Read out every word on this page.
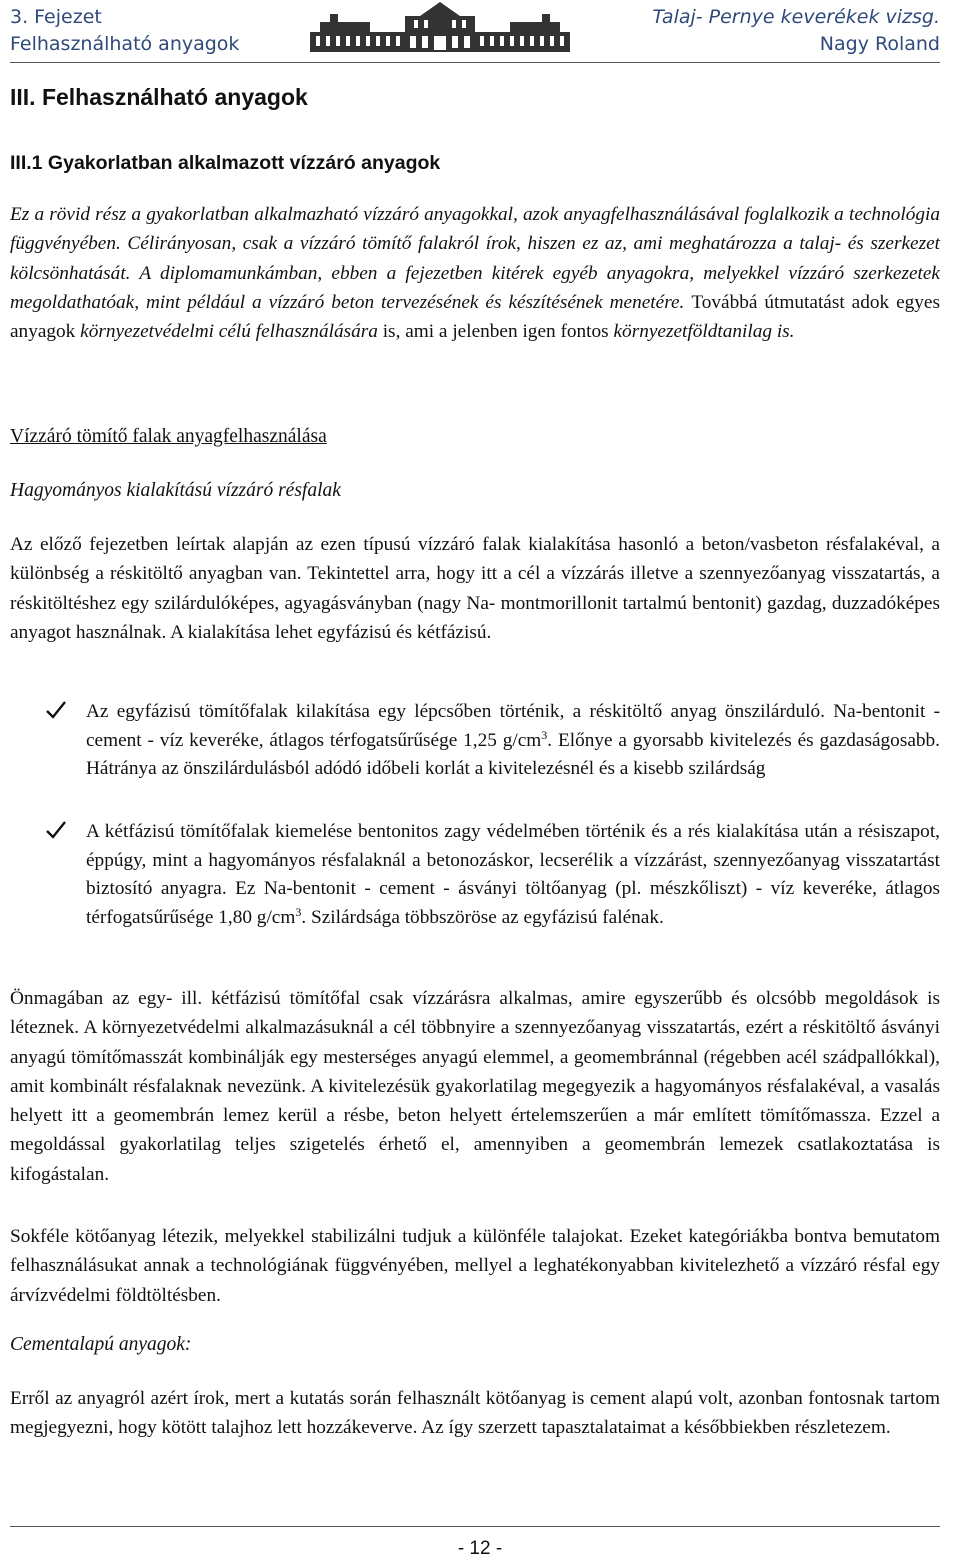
3. Fejezet
Felhasználható anyagok
Talaj- Pernye keverékek vizsg.
Nagy Roland
III. Felhasználható anyagok
III.1 Gyakorlatban alkalmazott vízzáró anyagok
Ez a rövid rész a gyakorlatban alkalmazható vízzáró anyagokkal, azok anyagfelhasználásával foglalkozik a technológia függvényében. Célirányosan, csak a vízzáró tömítő falakról írok, hiszen ez az, ami meghatározza a talaj- és szerkezet kölcsönhatását. A diplomamunkámban, ebben a fejezetben kitérek egyéb anyagokra, melyekkel vízzáró szerkezetek megoldathatóak, mint például a vízzáró beton tervezésének és készítésének menetére. Továbbá útmutatást adok egyes anyagok környezetvédelmi célú felhasználására is, ami a jelenben igen fontos környezetföldtanilag is.
Vízzáró tömítő falak anyagfelhasználása
Hagyományos kialakítású vízzáró résfalak
Az előző fejezetben leírtak alapján az ezen típusú vízzáró falak kialakítása hasonló a beton/vasbeton résfalakéval, a különbség a réskitöltő anyagban van. Tekintettel arra, hogy itt a cél a vízzárás illetve a szennyezőanyag visszatartás, a réskitöltéshez egy szilárdulóképes, agyagásványban (nagy Na- montmorillonit tartalmú bentonit) gazdag, duzzadóképes anyagot használnak. A kialakítása lehet egyfázisú és kétfázisú.
Az egyfázisú tömítőfalak kilakítása egy lépcsőben történik, a réskitöltő anyag önszilárduló. Na-bentonit - cement - víz keveréke, átlagos térfogatsűrűsége 1,25 $g/cm^3$. Előnye a gyorsabb kivitelezés és gazdaságosabb. Hátránya az önszilárdulásból adódó időbeli korlát a kivitelezésnél és a kisebb szilárdság
A kétfázisú tömítőfalak kiemelése bentonitos zagy védelmében történik és a rés kialakítása után a résiszapot, éppúgy, mint a hagyományos résfalaknál a betonozáskor, lecserélik a vízzárást, szennyezőanyag visszatartást biztosító anyagra. Ez Na-bentonit - cement - ásványi töltőanyag (pl. mészkőliszt) - víz keveréke, átlagos térfogatsűrűsége 1,80 $g/cm^3$. Szilárdsága többszöröse az egyfázisú falénak.
Önmagában az egy- ill. kétfázisú tömítőfal csak vízzárásra alkalmas, amire egyszerűbb és olcsóbb megoldások is léteznek. A környezetvédelmi alkalmazásuknál a cél többnyire a szennyezőanyag visszatartás, ezért a réskitöltő ásványi anyagú tömítőmasszát kombinálják egy mesterséges anyagú elemmel, a geomembránnal (régebben acél szádpallókkal), amit kombinált résfalaknak nevezünk. A kivitelezésük gyakorlatilag megegyezik a hagyományos résfalakéval, a vasalás helyett itt a geomembrán lemez kerül a résbe, beton helyett értelemszerűen a már említett tömítőmassza. Ezzel a megoldással gyakorlatilag teljes szigetelés érhető el, amennyiben a geomembrán lemezek csatlakoztatása is kifogástalan.
Sokféle kötőanyag létezik, melyekkel stabilizálni tudjuk a különféle talajokat. Ezeket kategóriákba bontva bemutatom felhasználásukat annak a technológiának függvényében, mellyel a leghatékonyabban kivitelezhető a vízzáró résfal egy árvízvédelmi földtöltésben.
Cementalapú anyagok:
Erről az anyagról azért írok, mert a kutatás során felhasznált kötőanyag is cement alapú volt, azonban fontosnak tartom megjegyezni, hogy kötött talajhoz lett hozzákeverve. Az így szerzett tapasztalataimat a későbbiekben részletezem.
- 12 -
